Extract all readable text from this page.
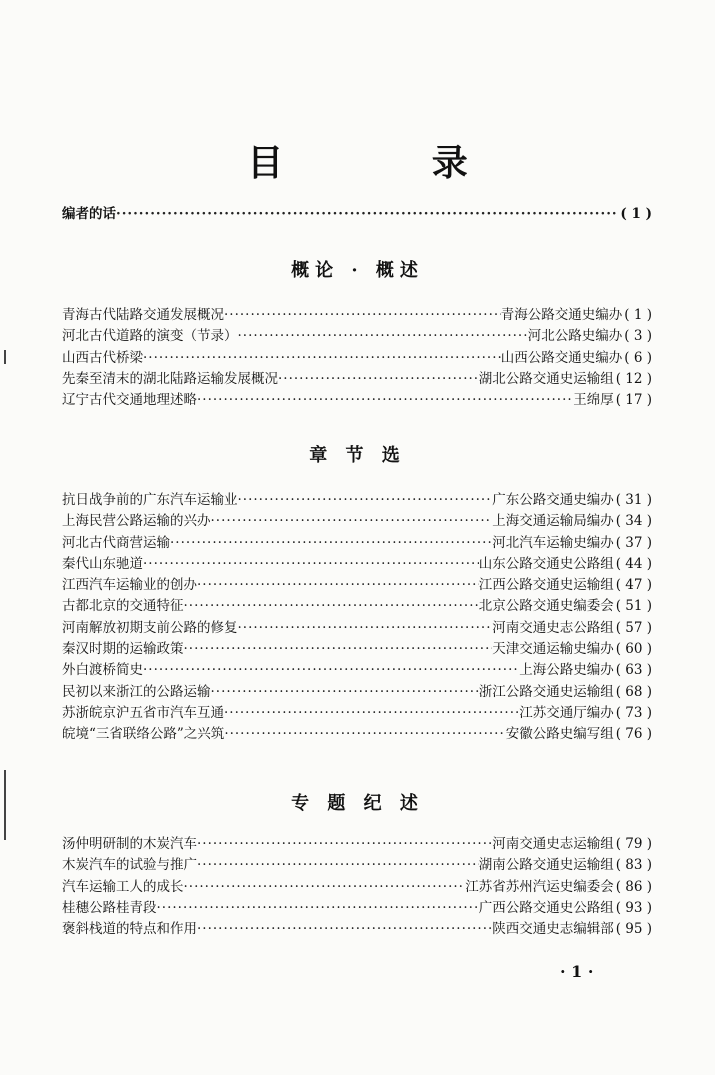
目 录
编者的话 ·····	( 1 )
概论 · 概述
青海古代陆路交通发展概况 ·····	青海公路交通史编办 ( 1 )
河北古代道路的演变（节录） ·····	河北公路史编办 ( 3 )
山西古代桥梁 ·····	山西公路交通史编办 ( 6 )
先秦至清末的湖北陆路运输发展概况 ·····	湖北公路交通史运输组 ( 12 )
辽宁古代交通地理述略 ·····	王绵厚 ( 17 )
章 节 选
抗日战争前的广东汽车运输业 ·····	广东公路交通史编办 ( 31 )
上海民营公路运输的兴办 ·····	上海交通运输局编办 ( 34 )
河北古代商营运输 ·····	河北汽车运输史编办 ( 37 )
秦代山东驰道 ·····	山东公路交通史公路组 ( 44 )
江西汽车运输业的创办 ·····	江西公路交通史运输组 ( 47 )
古都北京的交通特征 ·····	北京公路交通史编委会 ( 51 )
河南解放初期支前公路的修复 ·····	河南交通史志公路组 ( 57 )
秦汉时期的运输政策 ·····	天津交通运输史编办 ( 60 )
外白渡桥简史 ·····	上海公路史编办 ( 63 )
民初以来浙江的公路运输 ·····	浙江公路交通史运输组 ( 68 )
苏浙皖京沪五省市汽车互通 ·····	江苏交通厅编办 ( 73 )
皖境“三省联络公路”之兴筑 ·····	安徽公路史编写组 ( 76 )
专 题 纪 述
汤仲明研制的木炭汽车 ·····	河南交通史志运输组 ( 79 )
木炭汽车的试验与推广 ·····	湖南公路交通史运输组 ( 83 )
汽车运输工人的成长 ·····	江苏省苏州汽运史编委会 ( 86 )
桂穗公路桂青段 ·····	广西公路交通史公路组 ( 93 )
褒斜栈道的特点和作用 ·····	陕西交通史志编辑部 ( 95 )
· 1 ·
